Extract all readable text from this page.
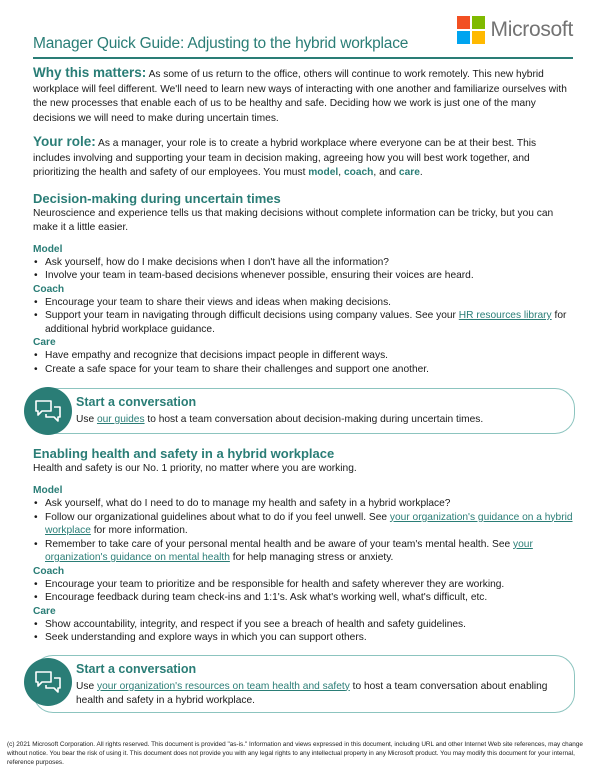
Manager Quick Guide: Adjusting to the hybrid workplace
Microsoft

Why this matters: As some of us return to the office, others will continue to work remotely. This new hybrid workplace will feel different. We'll need to learn new ways of interacting with one another and familiarize ourselves with the new processes that enable each of us to be healthy and safe. Deciding how we work is just one of the many decisions we will need to make during uncertain times.

Your role: As a manager, your role is to create a hybrid workplace where everyone can be at their best. This includes involving and supporting your team in decision making, agreeing how you will best work together, and prioritizing the health and safety of our employees. You must model, coach, and care.

Decision-making during uncertain times

Neuroscience and experience tells us that making decisions without complete information can be tricky, but you can make it a little easier.

Model

• Ask yourself, how do I make decisions when I don't have all the information?
• Involve your team in team-based decisions whenever possible, ensuring their voices are heard.

Coach

• Encourage your team to share their views and ideas when making decisions.
• Support your team in navigating through difficult decisions using company values. See your HR resources library for additional hybrid workplace guidance.

Care

• Have empathy and recognize that decisions impact people in different ways.
• Create a safe space for your team to share their challenges and support one another.
Start a conversation
Use our guides to host a team conversation about decision-making during uncertain times.
Enabling health and safety in a hybrid workplace

Health and safety is our No. 1 priority, no matter where you are working.

Model

• Ask yourself, what do I need to do to manage my health and safety in a hybrid workplace?
• Follow our organizational guidelines about what to do if you feel unwell. See your organization's guidance on a hybrid workplace for more information.
• Remember to take care of your personal mental health and be aware of your team's mental health. See your organization's guidance on mental health for help managing stress or anxiety.

Coach

• Encourage your team to prioritize and be responsible for health and safety wherever they are working.
• Encourage feedback during team check-ins and 1:1's. Ask what's working well, what's difficult, etc.

Care

• Show accountability, integrity, and respect if you see a breach of health and safety guidelines.
• Seek understanding and explore ways in which you can support others.
Start a conversation
Use your organization's resources on team health and safety to host a team conversation about enabling health and safety in a hybrid workplace.
(c) 2021 Microsoft Corporation. All rights reserved. This document is provided "as-is." Information and views expressed in this document, including URL and other Internet Web site references, may change without notice. You bear the risk of using it. This document does not provide you with any legal rights to any intellectual property in any Microsoft product. You may modify this document for your internal, reference purposes.
